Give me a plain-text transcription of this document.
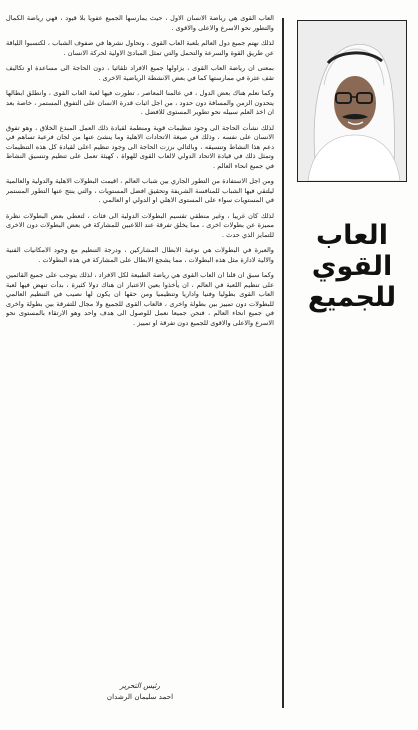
العاب القوى هي رياضة الانسان الاول ، حيث يمارسها الجميع عفويا بلا قيود ، فهي رياضة الكمال والتطور نحو الاسرع والاعلى والاقوى .

لذلك نهتم جميع دول العالم بلعبة العاب القوى ، وتحاول نشرها في صفوف الشباب ، لكتسبوا اللياقة عن طريق القوة والسرعة والتحمل والتي تمثل المبادئ الاولية لحركة الانسان .

بمعنى ان رياضة العاب القوى ، يزاولها جميع الافراد تلقائيا ، دون الحاجة الى مساعدة او تكاليف تقف عثرة في ممارستها كما في بعض الانشطة الرياضية الاخرى .

وكما نعلم هناك بعض الدول ، في عالمنا المعاصر ، تطورت فيها لعبة العاب القوى ، وانطلق ابطالها يتحدون الزمن والمسافة دون حدود ، من اجل اثبات قدرة الانسان على التفوق المستمر ، خاصة بعد ان اخذ العلم سبيله نحو تطوير المستوى للافضل .

لذلك نشأت الحاجة الى وجود تنظيمات قوية ومنظمة لقيادة ذلك العمل المبدع الخلاق ، وهو تفوق الانسان على نفسه ، وذلك في صيغة الاتحادات الاهلية وما ينشئ عنها من لجان فرعية تساهم في دعم هذا النشاط وتنسيقه ، وبالتالي برزت الحاجة الى وجود تنظيم اعلى لقيادة كل هذه التنظيمات وتمثل ذلك في قيادة الاتحاد الدولي لالعاب القوى للهواة ، كهيئة تعمل على تنظيم وتنسيق النشاط في جميع انحاء العالم .

ومن اجل الاستفادة من التطور الجاري بين شباب العالم ، اقيمت البطولات الاهلية والدولية والعالمية ليلتقي فيها الشباب للمنافسة الشريفة وتحقيق افضل المستويات ، والتي ينتج عنها التطور المستمر في المستويات سواء على المستوى الاهلي او الدولي او العالمي .

لذلك كان غريبا ، وغير منطقي تقسيم البطولات الدولية الى فئات ، لتعطي بعض البطولات نظرة مميزة عن بطولات اخرى ، مما يخلق تفرقة عند اللاعبين للمشاركة في بعض البطولات دون الاخرى للتمايز الذي حدث .

والعبرة في البطولات هي نوعية الابطال المشاركين ، ودرجة التنظيم مع وجود الامكانيات الفنية والالية لادارة مثل هذه البطولات ، مما يشجع الابطال على المشاركة في هذه البطولات .

وكما سبق ان قلنا ان العاب القوى هي رياضة الطبيعة لكل الافراد ، لذلك يتوجب على جميع القائمين على تنظيم اللعبة في العالم ، ان يأخذوا بعين الاعتبار ان هناك دولا كثيرة ، بدأت تنهض فيها لعبة العاب القوى بطوليا وفنيا واداريا وتنظيميا ومن حقها ان يكون لها نصيب في التنظيم العالمي للبطولات دون تمييز بين بطولة واخرى ، فالعاب القوى للجميع ولا مجال للتفرقة بين بطولة واخرى في جميع انحاء العالم ، فنحن جميعا نعمل للوصول الى هدف واحد وهو الارتقاء بالمستوى نحو الاسرع والاعلى والاقوى للجميع دون تفرقة او تمييز .

العاب
القوي
للجميع
رئيس التحرير
احمد سليمان الرشدان
